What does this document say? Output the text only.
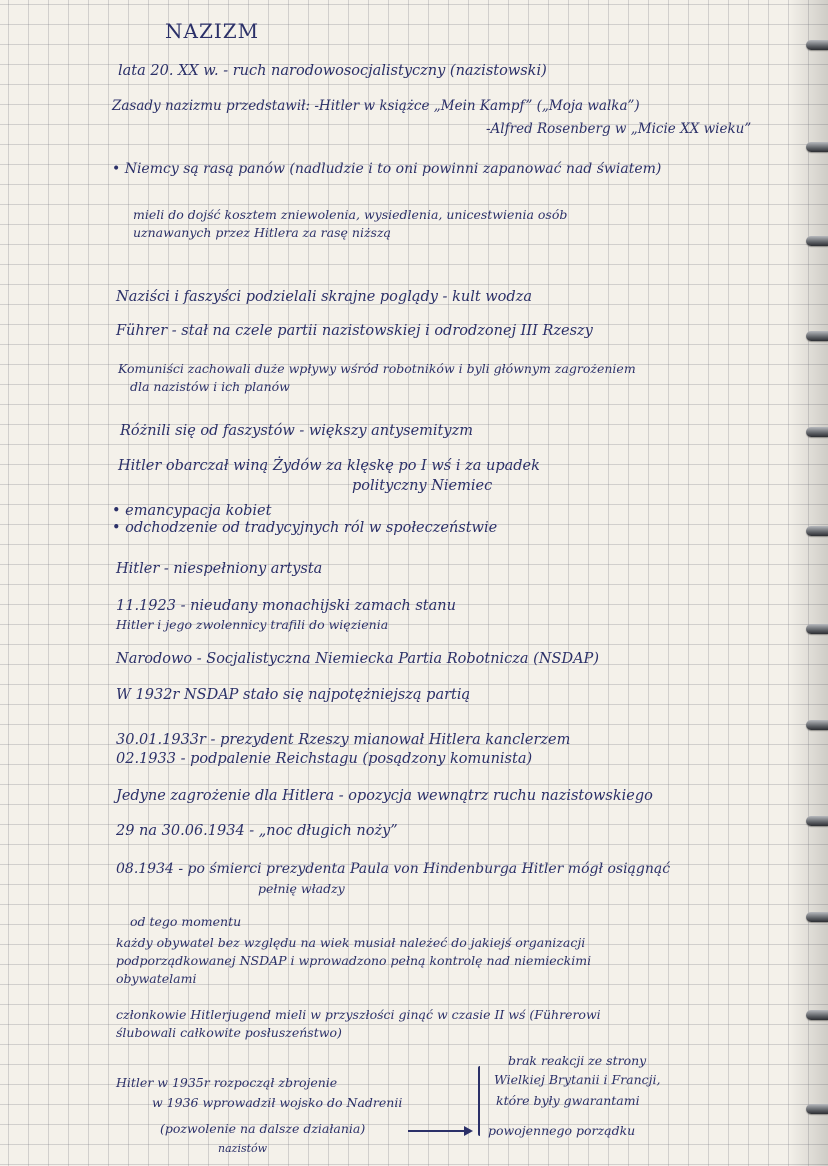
NAZIZM
lata 20. XX w. - ruch narodowosocjalistyczny (nazistowski)
Zasady nazizmu przedstawił: -Hitler w książce „Mein Kampf” („Moja walka”)
-Alfred Rosenberg w „Micie XX wieku”
• Niemcy są rasą panów (nadludzie i to oni powinni zapanować nad światem)
mieli do dojść kosztem zniewolenia, wysiedlenia, unicestwienia osób
uznawanych przez Hitlera za rasę niższą
Naziści i faszyści podzielali skrajne poglądy - kult wodza
Führer - stał na czele partii nazistowskiej i odrodzonej III Rzeszy
Komuniści zachowali duże wpływy wśród robotników i byli głównym zagrożeniem
dla nazistów i ich planów
Różnili się od faszystów - większy antysemityzm
Hitler obarczał winą Żydów za klęskę po I wś i za upadek
polityczny Niemiec
• emancypacja kobiet
• odchodzenie od tradycyjnych ról w społeczeństwie
Hitler - niespełniony artysta
11.1923 - nieudany monachijski zamach stanu
Hitler i jego zwolennicy trafili do więzienia
Narodowo - Socjalistyczna Niemiecka Partia Robotnicza (NSDAP)
W 1932r NSDAP stało się najpotężniejszą partią
30.01.1933r - prezydent Rzeszy mianował Hitlera kanclerzem
02.1933 - podpalenie Reichstagu (posądzony komunista)
Jedyne zagrożenie dla Hitlera - opozycja wewnątrz ruchu nazistowskiego
29 na 30.06.1934 - „noc długich noży”
08.1934 - po śmierci prezydenta Paula von Hindenburga Hitler mógł osiągnąć
pełnię władzy
od tego momentu
każdy obywatel bez względu na wiek musiał należeć do jakiejś organizacji
podporządkowanej NSDAP i wprowadzono pełną kontrolę nad niemieckimi
obywatelami
członkowie Hitlerjugend mieli w przyszłości ginąć w czasie II wś (Führerowi
ślubowali całkowite posłuszeństwo)
Hitler w 1935r rozpoczął zbrojenie
w 1936 wprowadził wojsko do Nadrenii
(pozwolenie na dalsze działania)
nazistów
brak reakcji ze strony
Wielkiej Brytanii i Francji,
które były gwarantami
powojennego porządku
